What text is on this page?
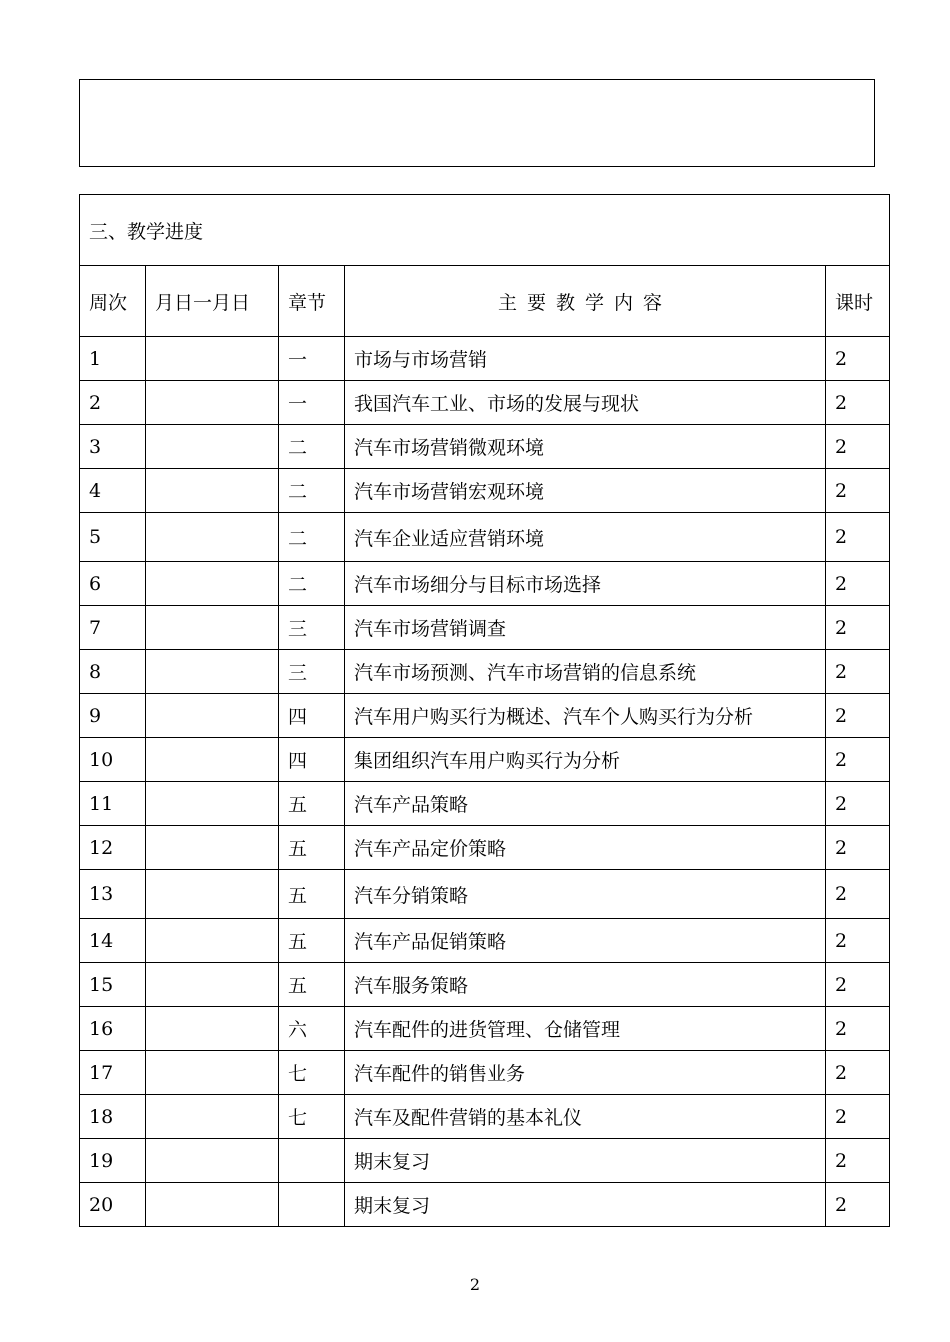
三、教学进度				
周次	月日一月日	章节	主要教学内容	课时
1		一	市场与市场营销	2
2		一	我国汽车工业、市场的发展与现状	2
3		二	汽车市场营销微观环境	2
4		二	汽车市场营销宏观环境	2
5		二	汽车企业适应营销环境	2
6		二	汽车市场细分与目标市场选择	2
7		三	汽车市场营销调查	2
8		三	汽车市场预测、汽车市场营销的信息系统	2
9		四	汽车用户购买行为概述、汽车个人购买行为分析	2
10		四	集团组织汽车用户购买行为分析	2
11		五	汽车产品策略	2
12		五	汽车产品定价策略	2
13		五	汽车分销策略	2
14		五	汽车产品促销策略	2
15		五	汽车服务策略	2
16		六	汽车配件的进货管理、仓储管理	2
17		七	汽车配件的销售业务	2
18		七	汽车及配件营销的基本礼仪	2
19			期末复习	2
20			期末复习	2
2
